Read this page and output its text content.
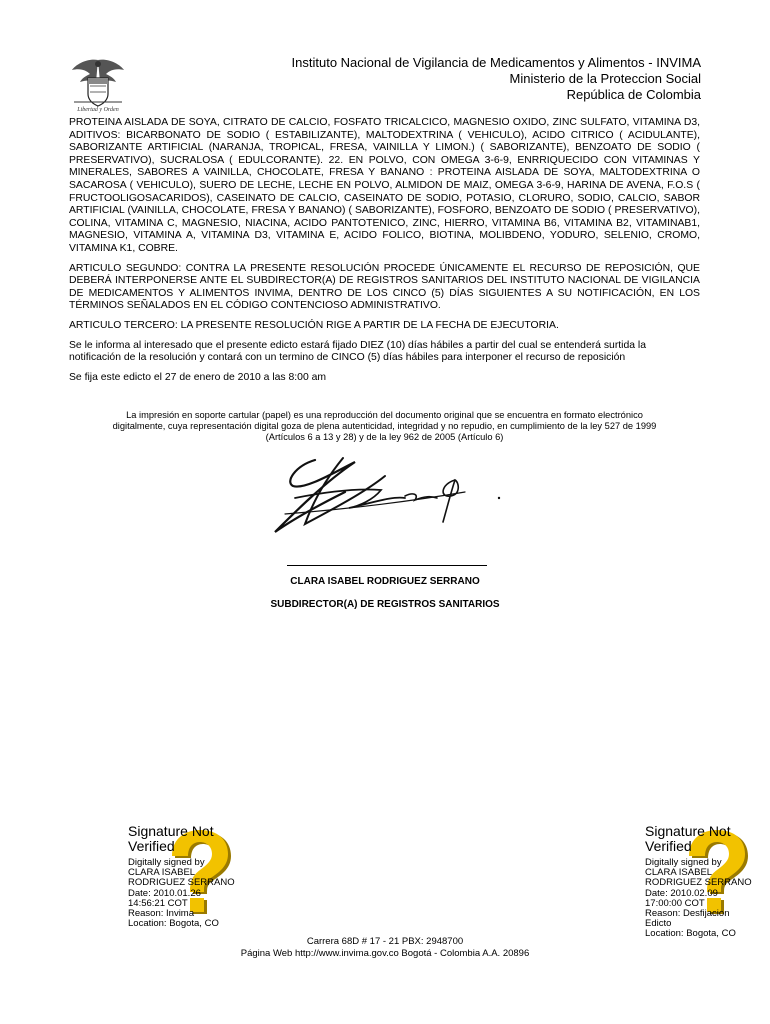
Libertad y Orden
Instituto Nacional de Vigilancia de Medicamentos y Alimentos - INVIMA
Ministerio de la Proteccion Social
República de Colombia

PROTEINA AISLADA DE SOYA, CITRATO DE CALCIO, FOSFATO TRICALCICO, MAGNESIO OXIDO, ZINC SULFATO, VITAMINA D3, ADITIVOS: BICARBONATO DE SODIO ( ESTABILIZANTE), MALTODEXTRINA ( VEHICULO), ACIDO CITRICO ( ACIDULANTE), SABORIZANTE ARTIFICIAL (NARANJA, TROPICAL, FRESA, VAINILLA Y LIMON.) ( SABORIZANTE), BENZOATO DE SODIO ( PRESERVATIVO), SUCRALOSA ( EDULCORANTE). 22. EN POLVO, CON OMEGA 3-6-9, ENRRIQUECIDO CON VITAMINAS Y MINERALES, SABORES A VAINILLA, CHOCOLATE, FRESA Y BANANO : PROTEINA AISLADA DE SOYA, MALTODEXTRINA O SACAROSA ( VEHICULO), SUERO DE LECHE, LECHE EN POLVO, ALMIDON DE MAIZ, OMEGA 3-6-9, HARINA DE AVENA, F.O.S ( FRUCTOOLIGOSACARIDOS), CASEINATO DE CALCIO, CASEINATO DE SODIO, POTASIO, CLORURO, SODIO, CALCIO, SABOR ARTIFICIAL (VAINILLA, CHOCOLATE, FRESA Y BANANO) ( SABORIZANTE), FOSFORO, BENZOATO DE SODIO ( PRESERVATIVO), COLINA, VITAMINA C, MAGNESIO, NIACINA, ACIDO PANTOTENICO, ZINC, HIERRO, VITAMINA B6, VITAMINA B2, VITAMINAB1, MAGNESIO, VITAMINA A, VITAMINA D3, VITAMINA E, ACIDO FOLICO, BIOTINA, MOLIBDENO, YODURO, SELENIO, CROMO, VITAMINA K1, COBRE.

ARTICULO SEGUNDO: CONTRA LA PRESENTE RESOLUCIÓN PROCEDE ÚNICAMENTE EL RECURSO DE REPOSICIÓN, QUE DEBERÁ INTERPONERSE ANTE EL SUBDIRECTOR(A) DE REGISTROS SANITARIOS DEL INSTITUTO NACIONAL DE VIGILANCIA DE MEDICAMENTOS Y ALIMENTOS INVIMA, DENTRO DE LOS CINCO (5) DÍAS SIGUIENTES A SU NOTIFICACIÓN, EN LOS TÉRMINOS SEÑALADOS EN EL CÓDIGO CONTENCIOSO ADMINISTRATIVO.

ARTICULO TERCERO: LA PRESENTE RESOLUCIÓN RIGE A PARTIR DE LA FECHA DE EJECUTORIA.

Se le informa al interesado que el presente edicto estará fijado DIEZ (10) días hábiles a partir del cual se entenderá surtida la notificación de la resolución y contará con un termino de CINCO (5) días hábiles para interponer el recurso de reposición

Se fija este edicto el 27 de enero de 2010 a las 8:00 am

La impresión en soporte cartular (papel) es una reproducción del documento original que se encuentra en formato electrónico
digitalmente, cuya representación digital goza de plena autenticidad, integridad y no repudio, en cumplimiento de la ley 527 de 1999
(Artículos 6 a 13 y 28) y de la ley 962 de 2005 (Artículo 6)
CLARA ISABEL RODRIGUEZ SERRANO
SUBDIRECTOR(A) DE REGISTROS SANITARIOS
Signature Not
Verified
Digitally signed by
CLARA ISABEL
RODRIGUEZ SERRANO
Date: 2010.01.26
14:56:21 COT
Reason: Invima
Location: Bogota, CO
Signature Not
Verified
Digitally signed by
CLARA ISABEL
RODRIGUEZ SERRANO
Date: 2010.02.09
17:00:00 COT
Reason: Desfijacion
Edicto
Location: Bogota, CO
Carrera 68D # 17 - 21 PBX: 2948700
Página Web http://www.invima.gov.co Bogotá - Colombia A.A. 20896
